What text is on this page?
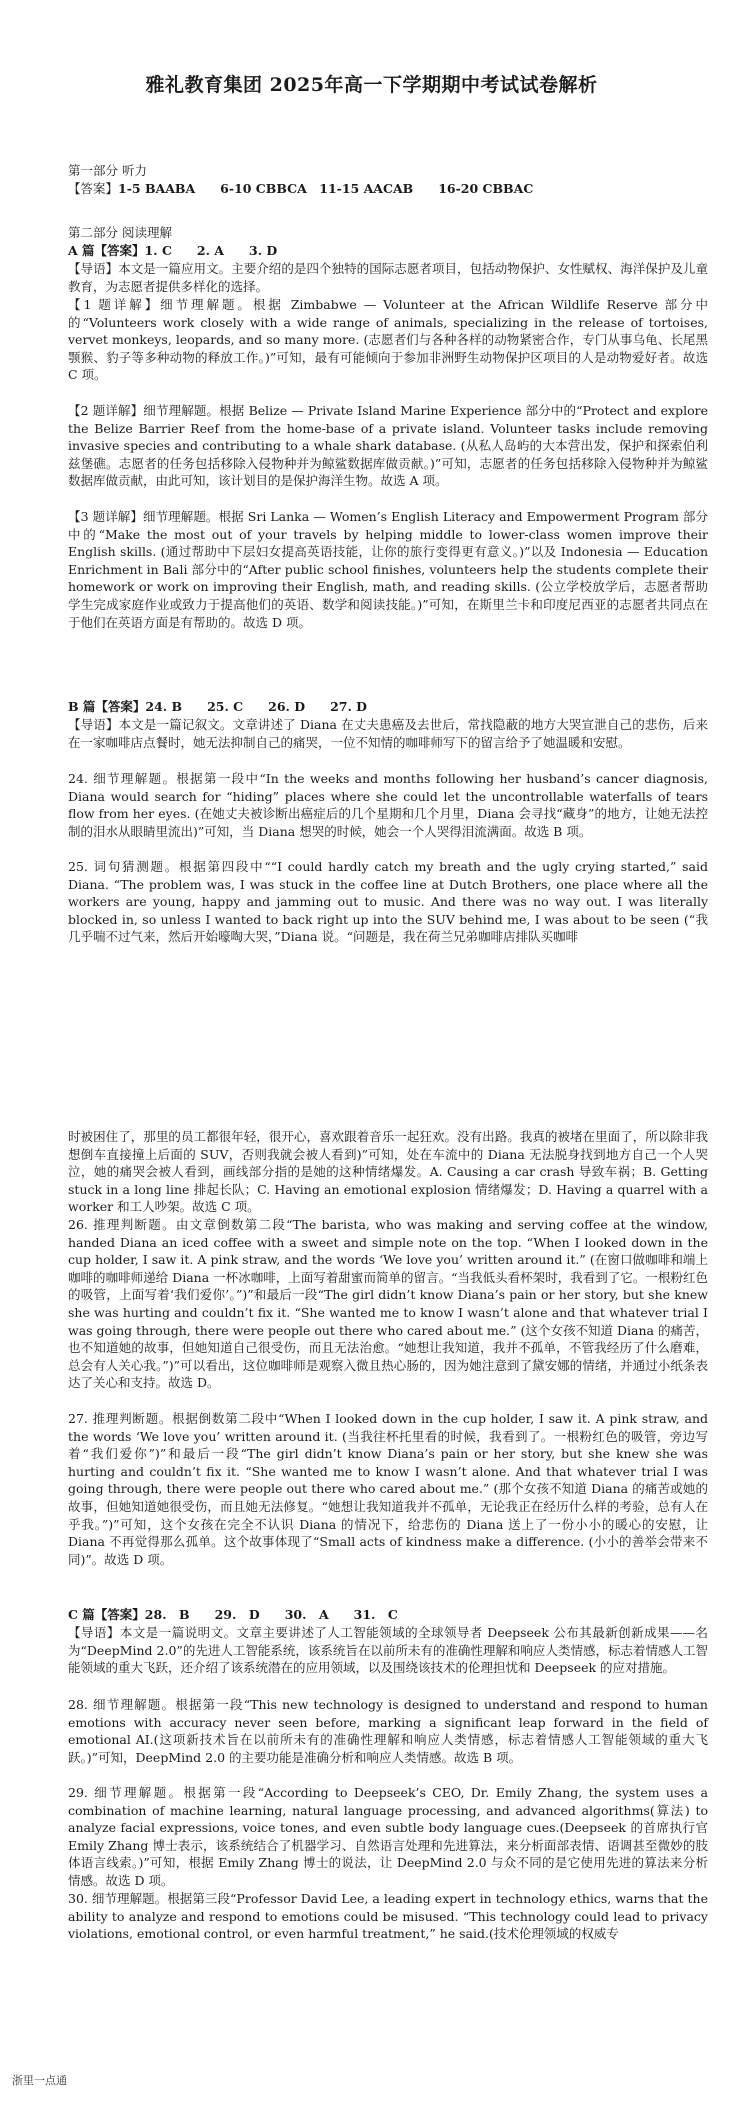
雅礼教育集团 2025年高一下学期期中考试试卷解析

第一部分 听力

【答案】1-5 BAABA　　6-10 CBBCA　11-15 AACAB　　16-20 CBBAC

第二部分 阅读理解

A 篇【答案】1. C　　2. A　　3. D

【导语】本文是一篇应用文。主要介绍的是四个独特的国际志愿者项目，包括动物保护、女性赋权、海洋保护及儿童教育，为志愿者提供多样化的选择。

【1 题详解】细节理解题。根据 Zimbabwe — Volunteer at the African Wildlife Reserve 部分中的“Volunteers work closely with a wide range of animals, specializing in the release of tortoises, vervet monkeys, leopards, and so many more. (志愿者们与各种各样的动物紧密合作，专门从事乌龟、长尾黑颚猴、豹子等多种动物的释放工作。)”可知，最有可能倾向于参加非洲野生动物保护区项目的人是动物爱好者。故选 C 项。

【2 题详解】细节理解题。根据 Belize — Private Island Marine Experience 部分中的“Protect and explore the Belize Barrier Reef from the home-base of a private island. Volunteer tasks include removing invasive species and contributing to a whale shark database. (从私人岛屿的大本营出发，保护和探索伯利兹堡礁。志愿者的任务包括移除入侵物种并为鲸鲨数据库做贡献。)”可知，志愿者的任务包括移除入侵物种并为鲸鲨数据库做贡献，由此可知，该计划目的是保护海洋生物。故选 A 项。

【3 题详解】细节理解题。根据 Sri Lanka — Women’s English Literacy and Empowerment Program 部分中的“Make the most out of your travels by helping middle to lower-class women improve their English skills. (通过帮助中下层妇女提高英语技能，让你的旅行变得更有意义。)”以及 Indonesia — Education Enrichment in Bali 部分中的“After public school finishes, volunteers help the students complete their homework or work on improving their English, math, and reading skills. (公立学校放学后，志愿者帮助学生完成家庭作业或致力于提高他们的英语、数学和阅读技能。)”可知，在斯里兰卡和印度尼西亚的志愿者共同点在于他们在英语方面是有帮助的。故选 D 项。

B 篇【答案】24. B　　25. C　　26. D　　27. D

【导语】本文是一篇记叙文。文章讲述了 Diana 在丈夫患癌及去世后，常找隐蔽的地方大哭宣泄自己的悲伤，后来在一家咖啡店点餐时，她无法抑制自己的痛哭，一位不知情的咖啡师写下的留言给予了她温暖和安慰。

24. 细节理解题。根据第一段中“In the weeks and months following her husband’s cancer diagnosis, Diana would search for “hiding” places where she could let the uncontrollable waterfalls of tears flow from her eyes. (在她丈夫被诊断出癌症后的几个星期和几个月里，Diana 会寻找“藏身”的地方，让她无法控制的泪水从眼睛里流出)”可知，当 Diana 想哭的时候，她会一个人哭得泪流满面。故选 B 项。

25. 词句猜测题。根据第四段中““I could hardly catch my breath and the ugly crying started,” said Diana. “The problem was, I was stuck in the coffee line at Dutch Brothers, one place where all the workers are young, happy and jamming out to music. And there was no way out. I was literally blocked in, so unless I wanted to back right up into the SUV behind me, I was about to be seen (“我几乎喘不过气来，然后开始嚎啕大哭，”Diana 说。“问题是，我在荷兰兄弟咖啡店排队买咖啡

时被困住了，那里的员工都很年轻，很开心，喜欢跟着音乐一起狂欢。没有出路。我真的被堵在里面了，所以除非我想倒车直接撞上后面的 SUV，否则我就会被人看到)”可知，处在车流中的 Diana 无法脱身找到地方自己一个人哭泣，她的痛哭会被人看到，画线部分指的是她的这种情绪爆发。A. Causing a car crash 导致车祸；B. Getting stuck in a long line 排起长队；C. Having an emotional explosion 情绪爆发；D. Having a quarrel with a worker 和工人吵架。故选 C 项。

26. 推理判断题。由文章倒数第二段“The barista, who was making and serving coffee at the window, handed Diana an iced coffee with a sweet and simple note on the top. “When I looked down in the cup holder, I saw it. A pink straw, and the words ‘We love you’ written around it.” (在窗口做咖啡和端上咖啡的咖啡师递给 Diana 一杯冰咖啡，上面写着甜蜜而简单的留言。“当我低头看杯架时，我看到了它。一根粉红色的吸管，上面写着‘我们爱你’。”)”和最后一段“The girl didn’t know Diana’s pain or her story, but she knew she was hurting and couldn’t fix it. “She wanted me to know I wasn’t alone and that whatever trial I was going through, there were people out there who cared about me.” (这个女孩不知道 Diana 的痛苦，也不知道她的故事，但她知道自己很受伤，而且无法治愈。“她想让我知道，我并不孤单，不管我经历了什么磨难，总会有人关心我。”)”可以看出，这位咖啡师是观察入微且热心肠的，因为她注意到了黛安娜的情绪，并通过小纸条表达了关心和支持。故选 D。

27. 推理判断题。根据倒数第二段中“When I looked down in the cup holder, I saw it. A pink straw, and the words ‘We love you’ written around it. (当我往杯托里看的时候，我看到了。一根粉红色的吸管，旁边写着“我们爱你”)”和最后一段“The girl didn’t know Diana’s pain or her story, but she knew she was hurting and couldn’t fix it. “She wanted me to know I wasn’t alone. And that whatever trial I was going through, there were people out there who cared about me.” (那个女孩不知道 Diana 的痛苦或她的故事，但她知道她很受伤，而且她无法修复。“她想让我知道我并不孤单，无论我正在经历什么样的考验，总有人在乎我。”)”可知，这个女孩在完全不认识 Diana 的情况下，给悲伤的 Diana 送上了一份小小的暖心的安慰，让 Diana 不再觉得那么孤单。这个故事体现了“Small acts of kindness make a difference. (小小的善举会带来不同)”。故选 D 项。

C 篇【答案】28.　B　　29.　D　　30.　A　　31.　C

【导语】本文是一篇说明文。文章主要讲述了人工智能领域的全球领导者 Deepseek 公布其最新创新成果——名为“DeepMind 2.0”的先进人工智能系统，该系统旨在以前所未有的准确性理解和响应人类情感，标志着情感人工智能领域的重大飞跃，还介绍了该系统潜在的应用领域，以及围绕该技术的伦理担忧和 Deepseek 的应对措施。

28. 细节理解题。根据第一段“This new technology is designed to understand and respond to human emotions with accuracy never seen before, marking a significant leap forward in the field of emotional AI.(这项新技术旨在以前所未有的准确性理解和响应人类情感，标志着情感人工智能领域的重大飞跃。)”可知，DeepMind 2.0 的主要功能是准确分析和响应人类情感。故选 B 项。

29. 细节理解题。根据第一段“According to Deepseek’s CEO, Dr. Emily Zhang, the system uses a combination of machine learning, natural language processing, and advanced algorithms(算法) to analyze facial expressions, voice tones, and even subtle body language cues.(Deepseek 的首席执行官 Emily Zhang 博士表示，该系统结合了机器学习、自然语言处理和先进算法，来分析面部表情、语调甚至微妙的肢体语言线索。)”可知，根据 Emily Zhang 博士的说法，让 DeepMind 2.0 与众不同的是它使用先进的算法来分析情感。故选 D 项。

30. 细节理解题。根据第三段“Professor David Lee, a leading expert in technology ethics, warns that the ability to analyze and respond to emotions could be misused. “This technology could lead to privacy violations, emotional control, or even harmful treatment,” he said.(技术伦理领域的权威专

浙里一点通
